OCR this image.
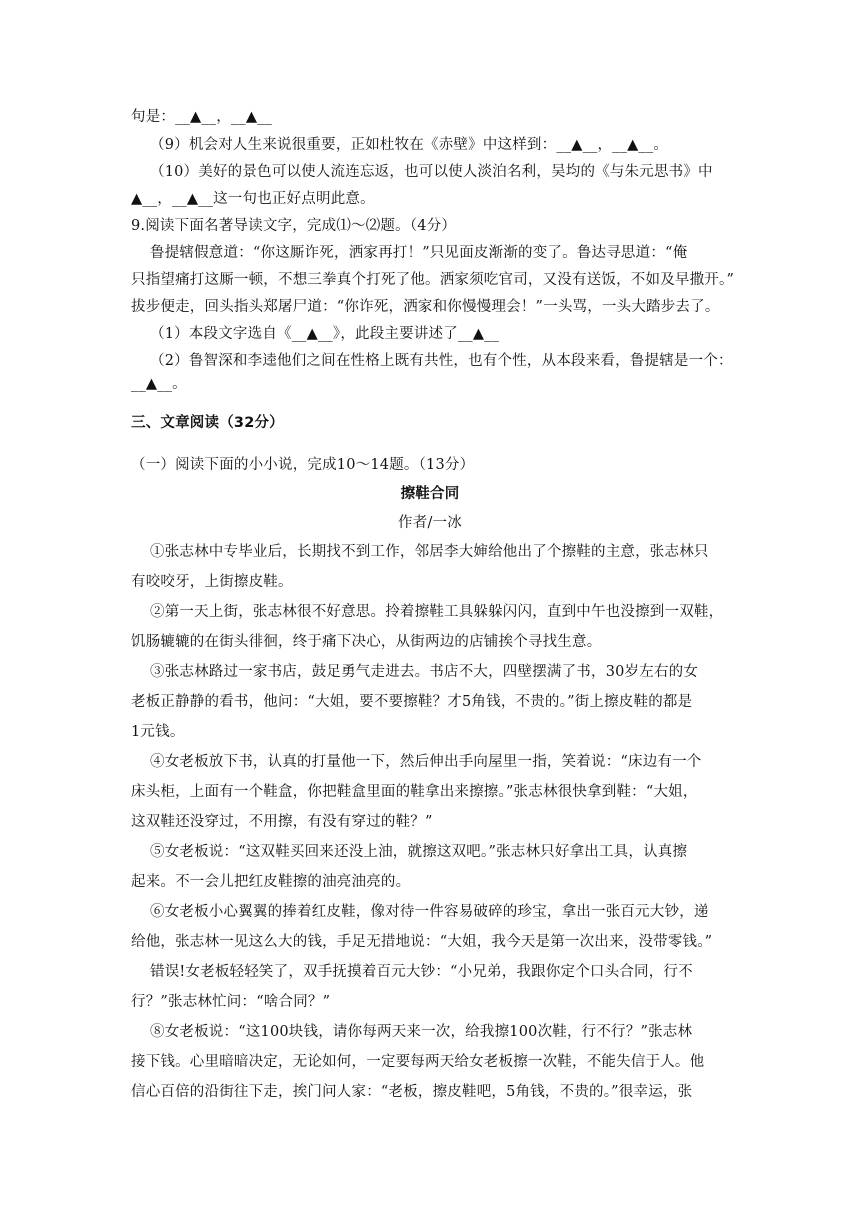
句是：__▲__，__▲__
（9）机会对人生来说很重要，正如杜牧在《赤壁》中这样到：__▲__，__▲__。
（10）美好的景色可以使人流连忘返，也可以使人淡泊名利，吴均的《与朱元思书》中
▲__，__▲__这一句也正好点明此意。
9.阅读下面名著导读文字，完成⑴～⑵题。（4分）
鲁提辖假意道：“你这厮诈死，洒家再打！”只见面皮渐渐的变了。鲁达寻思道：“俺
只指望痛打这厮一顿，不想三拳真个打死了他。洒家须吃官司，又没有送饭，不如及早撒开。”
拔步便走，回头指头郑屠尸道：“你诈死，洒家和你慢慢理会！”一头骂，一头大踏步去了。
（1）本段文字选自《__▲__》，此段主要讲述了__▲__
（2）鲁智深和李逵他们之间在性格上既有共性，也有个性，从本段来看，鲁提辖是一个：
__▲__。
三、文章阅读（32分）
（一）阅读下面的小小说，完成10～14题。（13分）
擦鞋合同
作者/一冰
①张志林中专毕业后，长期找不到工作，邻居李大婶给他出了个擦鞋的主意，张志林只
有咬咬牙，上街擦皮鞋。
②第一天上街，张志林很不好意思。拎着擦鞋工具躲躲闪闪，直到中午也没擦到一双鞋，
饥肠辘辘的在街头徘徊，终于痛下决心，从街两边的店铺挨个寻找生意。
③张志林路过一家书店，鼓足勇气走进去。书店不大，四壁摆满了书，30岁左右的女
老板正静静的看书，他问：“大姐，要不要擦鞋？才5角钱，不贵的。”街上擦皮鞋的都是
1元钱。
④女老板放下书，认真的打量他一下，然后伸出手向屋里一指，笑着说：“床边有一个
床头柜，上面有一个鞋盒，你把鞋盒里面的鞋拿出来擦擦。”张志林很快拿到鞋：“大姐，
这双鞋还没穿过，不用擦，有没有穿过的鞋？”
⑤女老板说：“这双鞋买回来还没上油，就擦这双吧。”张志林只好拿出工具，认真擦
起来。不一会儿把红皮鞋擦的油亮油亮的。
⑥女老板小心翼翼的捧着红皮鞋，像对待一件容易破碎的珍宝，拿出一张百元大钞，递
给他，张志林一见这么大的钱，手足无措地说：“大姐，我今天是第一次出来，没带零钱。”
错误!女老板轻轻笑了，双手抚摸着百元大钞：“小兄弟，我跟你定个口头合同，行不
行？”张志林忙问：“啥合同？”
⑧女老板说：“这100块钱，请你每两天来一次，给我擦100次鞋，行不行？”张志林
接下钱。心里暗暗决定，无论如何，一定要每两天给女老板擦一次鞋，不能失信于人。他
信心百倍的沿街往下走，挨门问人家：“老板，擦皮鞋吧，5角钱，不贵的。”很幸运，张
